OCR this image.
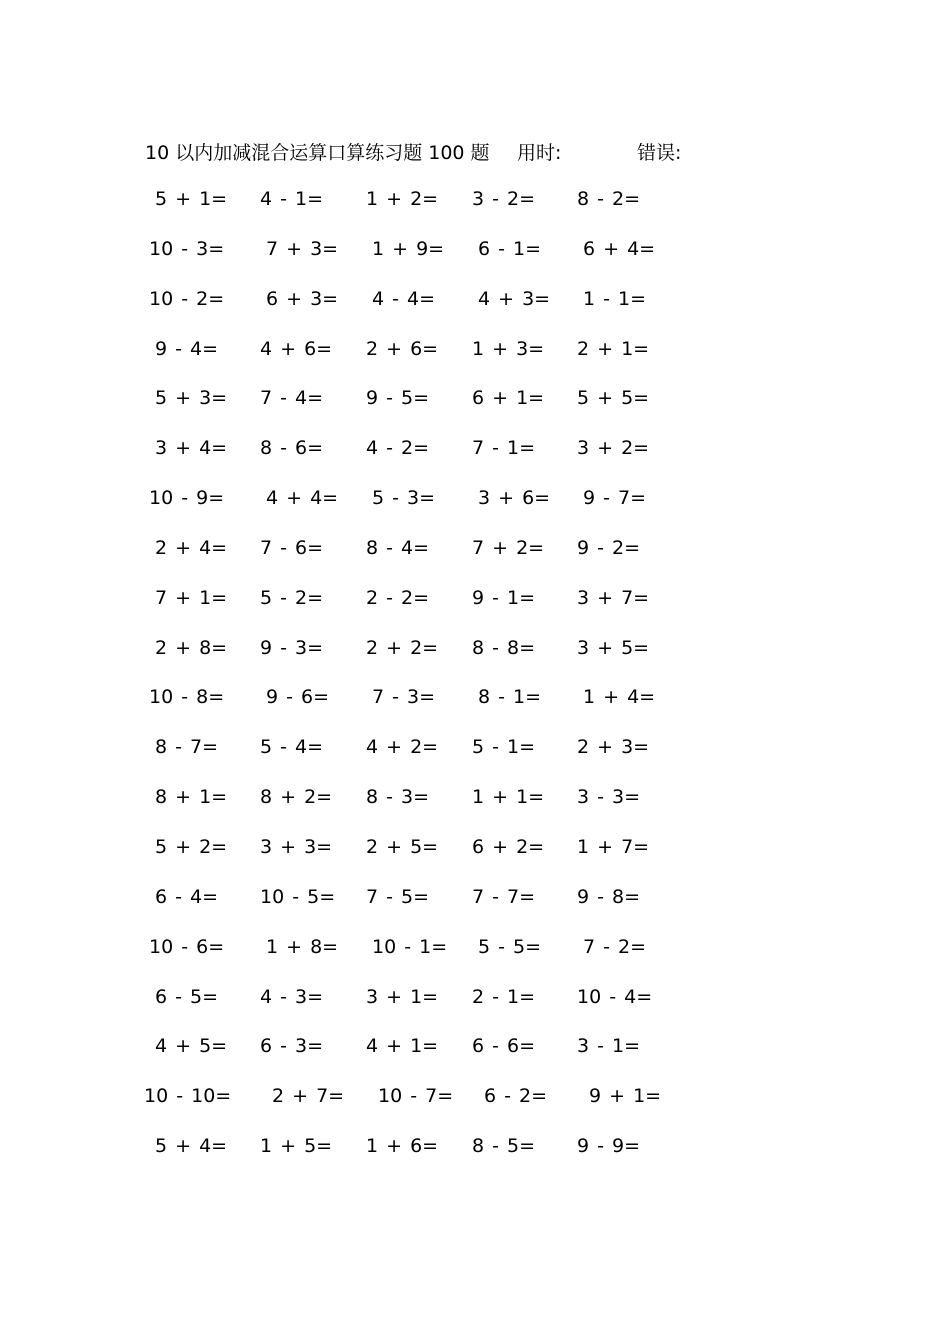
10 以内加减混合运算口算练习题 100 题	用时:	错误:
5 + 1= 4 - 1= 1 + 2= 3 - 2= 8 - 2=
10 - 3= 7 + 3= 1 + 9= 6 - 1= 6 + 4=
10 - 2= 6 + 3= 4 - 4= 4 + 3= 1 - 1=
9 - 4= 4 + 6= 2 + 6= 1 + 3= 2 + 1=
5 + 3= 7 - 4= 9 - 5= 6 + 1= 5 + 5=
3 + 4= 8 - 6= 4 - 2= 7 - 1= 3 + 2=
10 - 9= 4 + 4= 5 - 3= 3 + 6= 9 - 7=
2 + 4= 7 - 6= 8 - 4= 7 + 2= 9 - 2=
7 + 1= 5 - 2= 2 - 2= 9 - 1= 3 + 7=
2 + 8= 9 - 3= 2 + 2= 8 - 8= 3 + 5=
10 - 8= 9 - 6= 7 - 3= 8 - 1= 1 + 4=
8 - 7= 5 - 4= 4 + 2= 5 - 1= 2 + 3=
8 + 1= 8 + 2= 8 - 3= 1 + 1= 3 - 3=
5 + 2= 3 + 3= 2 + 5= 6 + 2= 1 + 7=
6 - 4= 10 - 5= 7 - 5= 7 - 7= 9 - 8=
10 - 6= 1 + 8= 10 - 1= 5 - 5= 7 - 2=
6 - 5= 4 - 3= 3 + 1= 2 - 1= 10 - 4=
4 + 5= 6 - 3= 4 + 1= 6 - 6= 3 - 1=
10 - 10= 2 + 7= 10 - 7= 6 - 2= 9 + 1=
5 + 4= 1 + 5= 1 + 6= 8 - 5= 9 - 9=
